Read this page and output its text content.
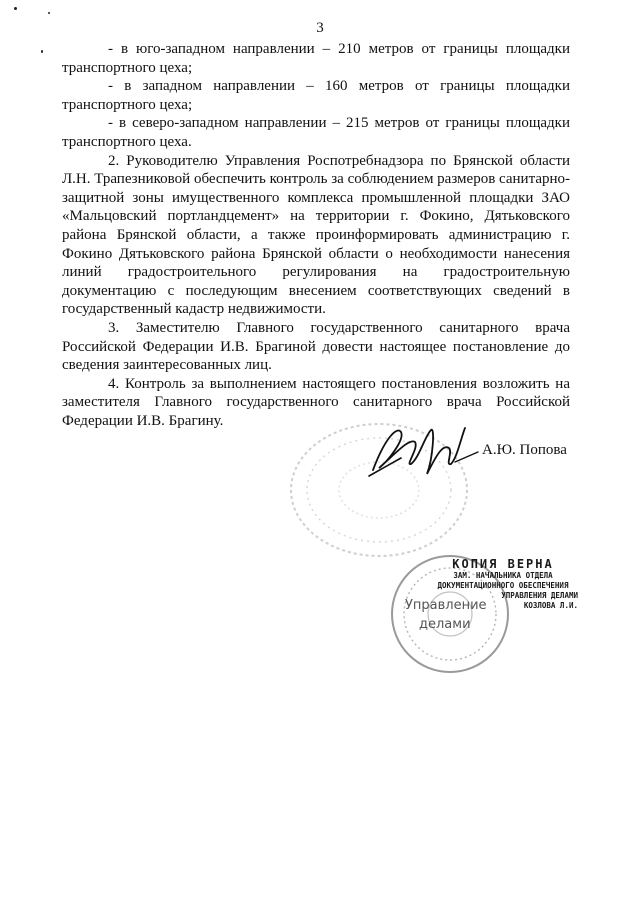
3

- в юго-западном направлении – 210 метров от границы площадки транспортного цеха;

- в западном направлении – 160 метров от границы площадки транспортного цеха;

- в северо-западном направлении – 215 метров от границы площадки транспортного цеха.

2. Руководителю Управления Роспотребнадзора по Брянской области Л.Н. Трапезниковой обеспечить контроль за соблюдением размеров санитарно-защитной зоны имущественного комплекса промышленной площадки ЗАО «Мальцовский портландцемент» на территории г. Фокино, Дятьковского района Брянской области, а также проинформировать администрацию г. Фокино Дятьковского района Брянской области о необходимости нанесения линий градостроительного регулирования на градостроительную документацию с последующим внесением соответствующих сведений в государственный кадастр недвижимости.

3. Заместителю Главного государственного санитарного врача Российской Федерации И.В. Брагиной довести настоящее постановление до сведения заинтересованных лиц.

4. Контроль за выполнением настоящего постановления возложить на заместителя Главного государственного санитарного врача Российской Федерации И.В. Брагину.

А.Ю. Попова
КОПИЯ ВЕРНА
ЗАМ. НАЧАЛЬНИКА ОТДЕЛА
ДОКУМЕНТАЦИОННОГО ОБЕСПЕЧЕНИЯ
УПРАВЛЕНИЯ ДЕЛАМИ
КОЗЛОВА Л.И.
Управление
делами
